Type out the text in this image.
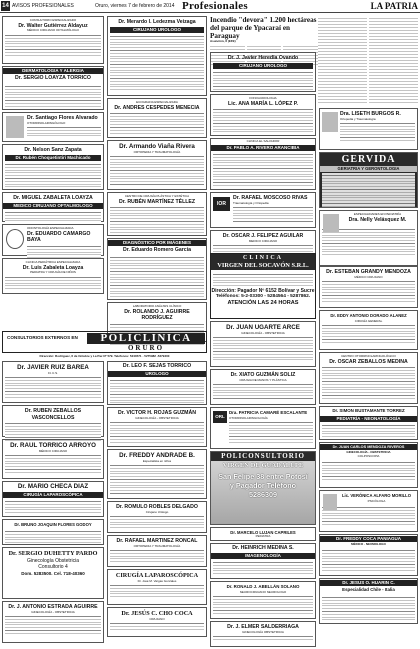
14 AVISOS PROFESIONALES	Oruro, viernes 7 de febrero de 2014 Profesionales	LA PATRIA
CONSULTORIO ESPECIALIZADO
Dr. Walter Gutiérrez Aldayuz
MÉDICO CIRUJANO OFTALMÓLOGO
DERMATOLOGIA Y ALERGIA
Dr. SERGIO LOAYZA TORRICO
Dr. Santiago Flores Alvarado
OTORRINOLARINGÓLOGO
Dr. Nelson Sanz Zapata
Dr. Rubén Choquetintiri Machicado
Dr. MIGUEL ZABALETA LOAYZA
MEDICO CIRUJANO OFTALMOLOGO
ODONTOLOGÍA ESPECIALIZADA
Dr. EDUARDO CAMARGO BAYA
CLINICA PEDIÁTRICA ESPECIALIZADA
Dr. Luis Zabaleta Loayza
PEDIATRA Y CIRUGÍA DE NIÑOS
Dr. Merardo I. Ledezma Veizaga
CIRUJANO UROLOGO
ECOGRAFIA ESPECIALIZADA
Dr. ANDRES CESPEDES MENECIA
Dr. Armando Viaña Rivera
ORTOPEDIA Y TRAUMATOLOGÍA
CENTRO DE CIRUGÍA PLÁSTICA Y ESTÉTICA
Dr. RUBÉN MARTÍNEZ TÉLLEZ
DIAGNÓSTICO POR IMÁGENES
Dr. Eduardo Romero García
LABORATORIO ANÁLISIS CLÍNICO
Dr. ROLANDO J. AGUIRRE RODRÍGUEZ
Incendio "devora" 1.200 hectáreas del parque de Ypacaraí en Paraguay
Asunción, 6 (EFE)

Dr. J. Javier Heredia Ovando
CIRUJANO UROLOGO
FONOAUDIOLOGIA
Lic. ANA MARÍA L. LÓPEZ P.
CLINICA EL SALVADOR
Dr. PABLO A. RIVERO ARANCIBIA
IOR
Dr. RAFAEL MOSCOSO RIVAS
Traumatología y Ortopedia
Dr. OSCAR J. FELIPEZ AGUILAR
MEDICO CIRUJANO
Dra. LISETH BURGOS R.
Ortopedia y Traumatología
GERVIDA
GERIATRIA Y GERONTOLOGIA
ESPECIALIDADES EN PEDIATRÍA
Dra. Nelly Velásquez M.
CONSULTORIOS EXTERNOS EN	POLICLINICA
ORURO
Dirección: Rodríguez, 6 de Octubre y La Paz Nº 579. Teléfonos: 5243571 - 5275982 -5279400
Dr. JAVIER RUIZ BAREA
F.I.C.S.
Dr. RUBEN ZEBALLOS VASCONCELLOS
Dr. RAUL TORRICO ARROYO
MÉDICO CIRUJANO
Dr. MARIO CHECA DIAZ
CIRUGÍA LAPAROSCÓPICA
Dr. BRUNO JOAQUIN FLORES GODOY
Dr. SERGIO DUHETTY PARDO
Ginecología Obstetricia
Consultorio 4
Dom. 5283500. Cel. 718-40360
Dr. J. ANTONIO ESTRADA AGUIRRE
GINECOLOGÍA - OBSTETRICIA
Dr. LEO F. SEJAS TORRICO
UROLOGO
Dr. VICTOR H. ROJAS GUZMÁN
GINECOLOGÍA - OBSTETRICIA
Dr. FREDDY ANDRADE B.
Especialista en niños
Dr. ROMULO ROBLES DELGADO
Cirujano Urólogo
Dr. RAFAEL MARTINEZ RONCAL
ORTOPEDIA Y TRAUMATOLOGÍA
CIRUGÍA LAPAROSCÓPICA
Dr. José M. Vargas Gonzales
Dr. JESÚS C. CHO COCA
CIRUJANO
CLINICA
VIRGEN DEL SOCAVÓN S.R.L.
Dirección: Pagador Nº 6152 Bolívar y Sucre
Teléfonos: 5-2-03300 - 5284564 - 5287862.
ATENCIÓN LAS 24 HORAS
Dr. ESTEBAN GRANDY MENDOZA
MÉDICO CIRUJANO
Dr. EDDY ANTONIO DORADO ALANEZ
CIRUGÍA GENERAL
CENTRO OTORRINOLARINGOLÓGICO
Dr. OSCAR ZEBALLOS MEDINA
Dr. SIMON BUSTAMANTE TORREZ
PEDIATRÍA - NEONATOLOGÍA
Dr. JUAN UGARTE ARCE
GINECOLOGÍA - OBSTETRICIA
Dr. XIATO GUZMÁN SOLIZ
CIRUGIA DE MANOS Y PLÁSTICA
ORL
Dra. PATRICIA CAMARÉ ESCALANTE
OTORRINOLARINGOLOGÍA
POLICONSULTORIO
VIRGEN DE GUADALUPE
San Felipe 38 entre Potosí y Pagador Teléfono 5286309
Dr. MARCELO LUJAN CAPRILES
PEDIATRA
Dr. HEINRICH MEDINA S.
IMAGENOLOGÍA
Dr. RONALD J. ABELLÁN SOLANO
NEUROCIRUJANO NEUROLOGO
Dr. J. ELMER SALDERRIAGA
GINECOLOGÍA OBSTETRICIA
Dr. JUAN CARLOS MENDOZA RIVEROS
GINECOLOGÍA - OBSTETRICIA
COLPOSCOPIA
Lic. VERÓNICA ALFARO MORILLO
PSICÓLOGA
Dr. FREDDY COCA PANIAGUA
MÉDICO - NEUMOLOGO
Dr. JESUS O. HUARIN C.
Especialidad Chile - Italia
